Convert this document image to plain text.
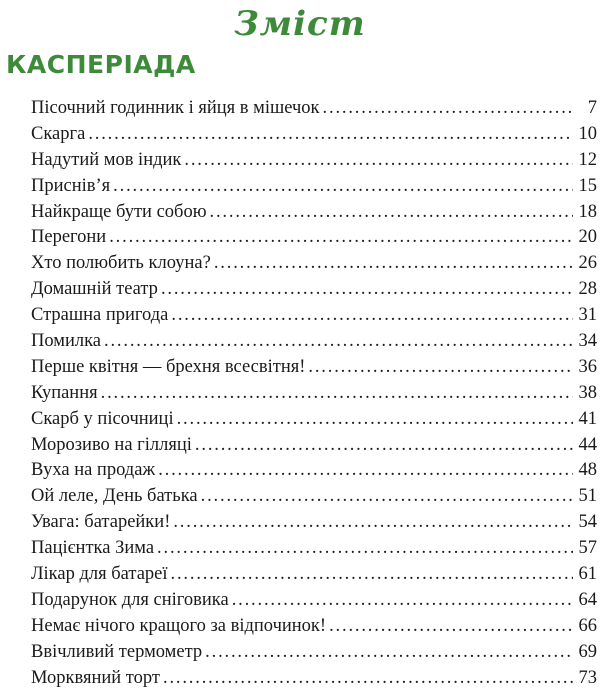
Зміст
КАСПЕРІАДА
Пісочний годинник і яйця в мішечок . . .	7
Скарга . . .	10
Надутий мов індик . . .	12
Приснів’я . . .	15
Найкраще бути собою . . .	18
Перегони . . .	20
Хто полюбить клоуна? . . .	26
Домашній театр . . .	28
Страшна пригода . . .	31
Помилка . . .	34
Перше квітня — брехня всесвітня! . . .	36
Купання . . .	38
Скарб у пісочниці . . .	41
Морозиво на гілляці . . .	44
Вуха на продаж . . .	48
Ой леле, День батька . . .	51
Увага: батарейки! . . .	54
Пацієнтка Зима . . .	57
Лікар для батареї . . .	61
Подарунок для сніговика . . .	64
Немає нічого кращого за відпочинок! . . .	66
Ввічливий термометр . . .	69
Морквяний торт . . .	73
